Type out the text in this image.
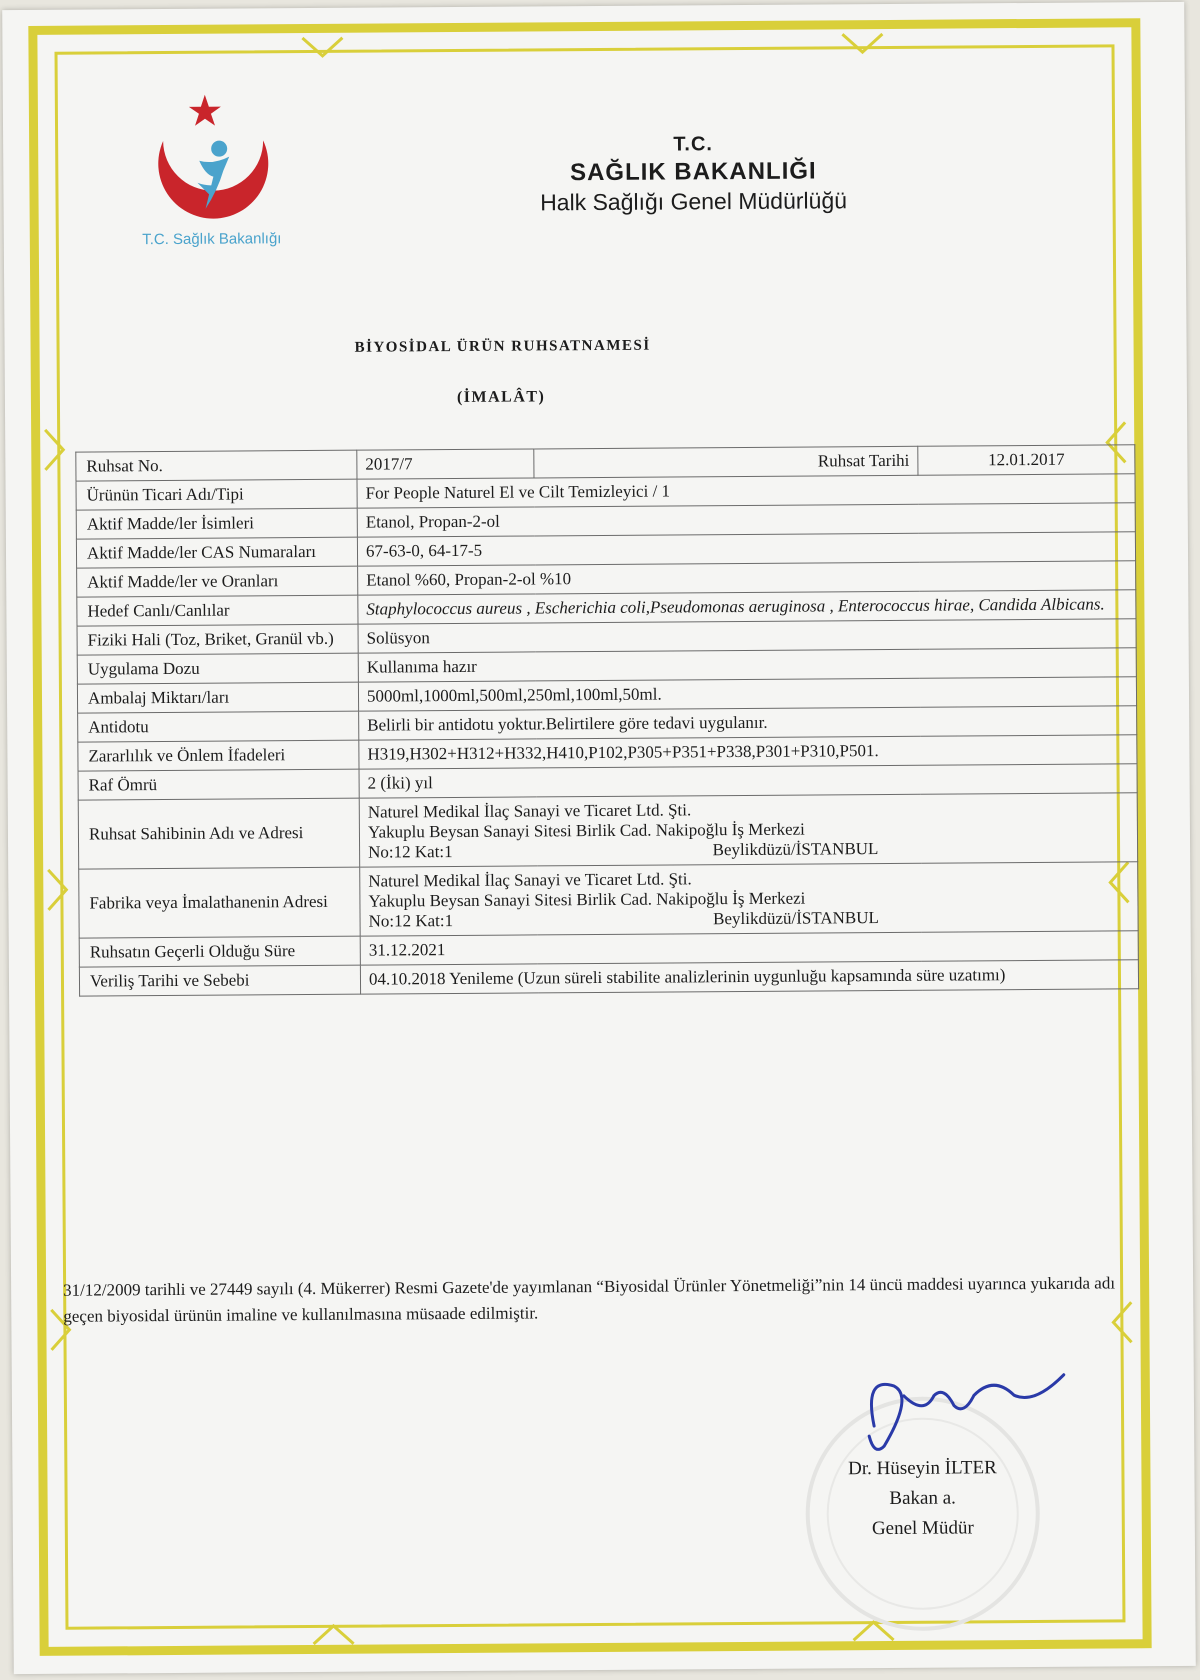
T.C. Sağlık Bakanlığı
T.C.
SAĞLIK BAKANLIĞI
Halk Sağlığı Genel Müdürlüğü
BİYOSİDAL ÜRÜN RUHSATNAMESİ
(İMALÂT)
Ruhsat No.	2017/7	Ruhsat Tarihi	12.01.2017
Ürünün Ticari Adı/Tipi	For People Naturel El ve Cilt Temizleyici / 1		
Aktif Madde/ler İsimleri	Etanol, Propan-2-ol		
Aktif Madde/ler CAS Numaraları	67-63-0, 64-17-5		
Aktif Madde/ler ve Oranları	Etanol %60, Propan-2-ol %10		
Hedef Canlı/Canlılar	Staphylococcus aureus , Escherichia coli,Pseudomonas aeruginosa , Enterococcus hirae, Candida Albicans.		
Fiziki Hali (Toz, Briket, Granül vb.)	Solüsyon		
Uygulama Dozu	Kullanıma hazır		
Ambalaj Miktarı/ları	5000ml,1000ml,500ml,250ml,100ml,50ml.		
Antidotu	Belirli bir antidotu yoktur.Belirtilere göre tedavi uygulanır.		
Zararlılık ve Önlem İfadeleri	H319,H302+H312+H332,H410,P102,P305+P351+P338,P301+P310,P501.		
Raf Ömrü	2 (İki) yıl		
Ruhsat Sahibinin Adı ve Adresi	Naturel Medikal İlaç Sanayi ve Ticaret Ltd. Şti.
Yakuplu Beysan Sanayi Sitesi Birlik Cad. Nakipoğlu İş Merkezi
No:12 Kat:1 Beylikdüzü/İSTANBUL		
Fabrika veya İmalathanenin Adresi	Naturel Medikal İlaç Sanayi ve Ticaret Ltd. Şti.
Yakuplu Beysan Sanayi Sitesi Birlik Cad. Nakipoğlu İş Merkezi
No:12 Kat:1 Beylikdüzü/İSTANBUL		
Ruhsatın Geçerli Olduğu Süre	31.12.2021		
Veriliş Tarihi ve Sebebi	04.10.2018 Yenileme (Uzun süreli stabilite analizlerinin uygunluğu kapsamında süre uzatımı)		
31/12/2009 tarihli ve 27449 sayılı (4. Mükerrer) Resmi Gazete'de yayımlanan “Biyosidal Ürünler Yönetmeliği”nin 14 üncü maddesi uyarınca yukarıda adı geçen biyosidal ürünün imaline ve kullanılmasına müsaade edilmiştir.
Dr. Hüseyin İLTER
Bakan a.
Genel Müdür
